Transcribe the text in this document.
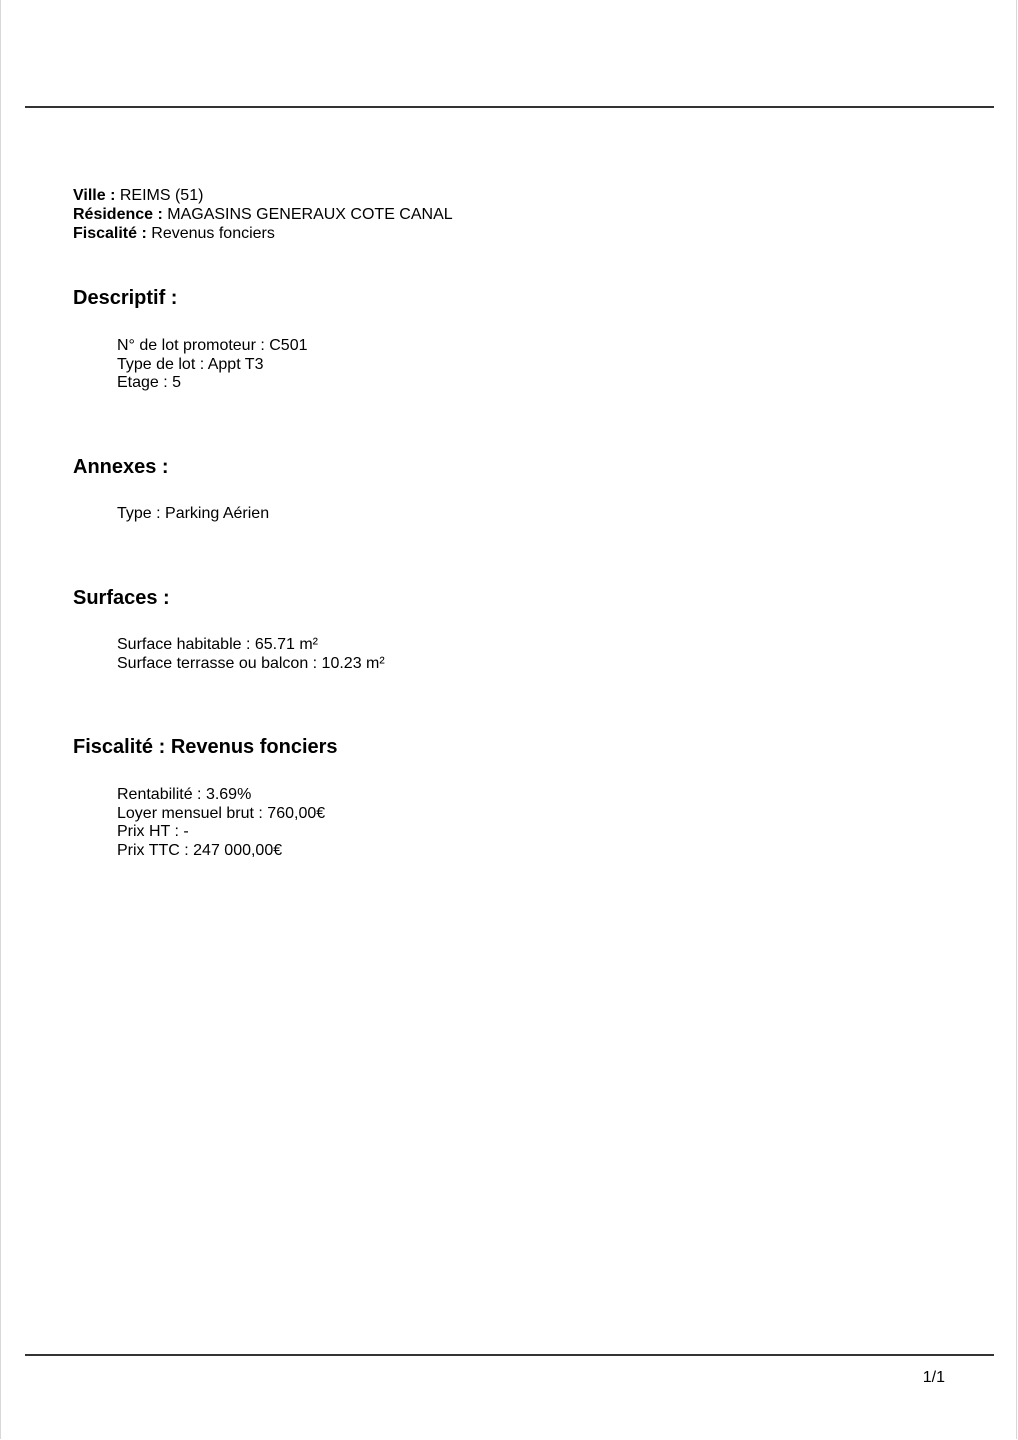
Ville : REIMS (51)
Résidence : MAGASINS GENERAUX COTE CANAL
Fiscalité : Revenus fonciers
Descriptif :
N° de lot promoteur : C501
Type de lot : Appt T3
Etage : 5
Annexes :
Type : Parking Aérien
Surfaces :
Surface habitable : 65.71 m²
Surface terrasse ou balcon : 10.23 m²
Fiscalité : Revenus fonciers
Rentabilité : 3.69%
Loyer mensuel brut : 760,00€
Prix HT : -
Prix TTC : 247 000,00€
1/1
